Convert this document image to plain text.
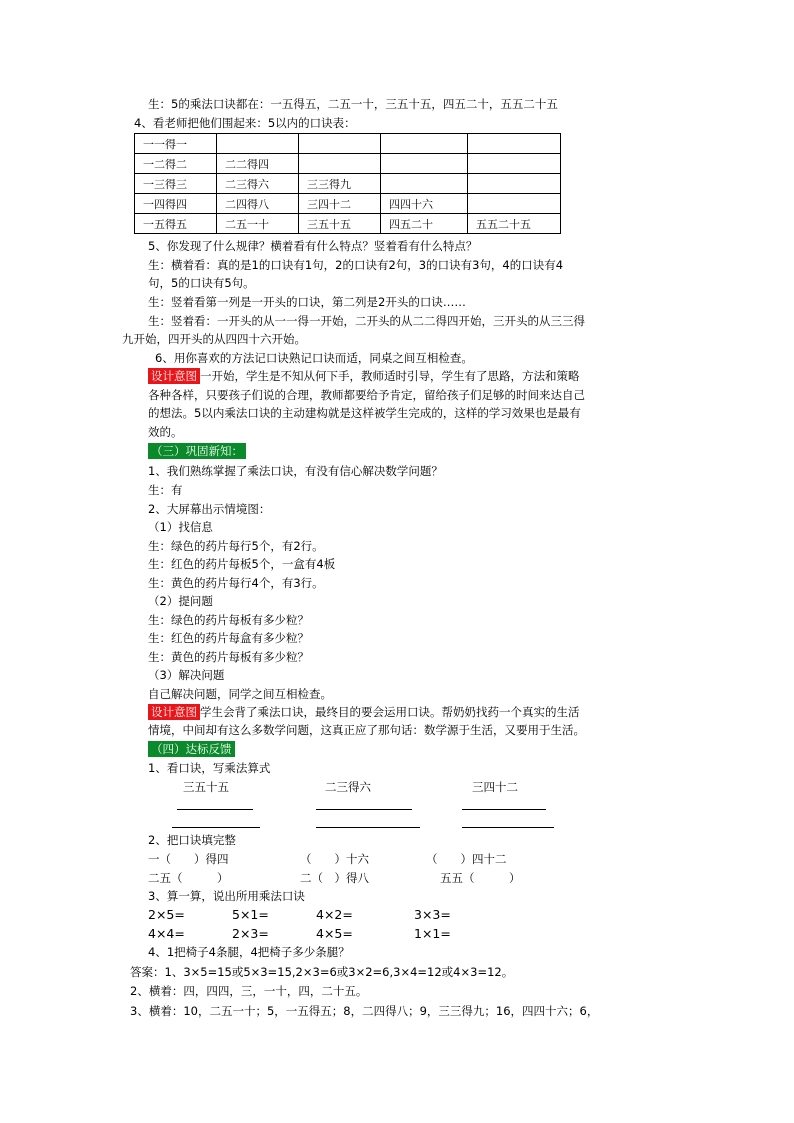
生：5的乘法口诀都在：一五得五，二五一十，三五十五，四五二十，五五二十五
4、看老师把他们围起来：5以内的口诀表：
一一得一				
一二得二	二二得四			
一三得三	二三得六	三三得九		
一四得四	二四得八	三四十二	四四十六	
一五得五	二五一十	三五十五	四五二十	五五二十五
5、你发现了什么规律？横着看有什么特点？竖着看有什么特点？
生：横着看：真的是1的口诀有1句，2的口诀有2句，3的口诀有3句，4的口诀有4
句，5的口诀有5句。
生：竖着看第一列是一开头的口诀，第二列是2开头的口诀……
生：竖着看：一开头的从一一得一开始，二开头的从二二得四开始，三开头的从三三得
九开始，四开头的从四四十六开始。
6、用你喜欢的方法记口诀熟记口诀而适，同桌之间互相检查。
设计意图 一开始，学生是不知从何下手，教师适时引导，学生有了思路，方法和策略
各种各样，只要孩子们说的合理，教师都要给予肯定，留给孩子们足够的时间来达自己
的想法。5以内乘法口诀的主动建构就是这样被学生完成的，这样的学习效果也是最有
效的。
（三）巩固新知：
1、我们熟练掌握了乘法口诀，有没有信心解决数学问题？
生：有
2、大屏幕出示情境图：
（1）找信息
生：绿色的药片每行5个，有2行。
生：红色的药片每板5个，一盒有4板
生：黄色的药片每行4个，有3行。
（2）提问题
生：绿色的药片每板有多少粒？
生：红色的药片每盒有多少粒？
生：黄色的药片每板有多少粒？
（3）解决问题
自己解决问题，同学之间互相检查。
设计意图 学生会背了乘法口诀，最终目的要会运用口诀。帮奶奶找药一个真实的生活
情境，中间却有这么多数学问题，这真正应了那句话：数学源于生活，又要用于生活。
（四）达标反馈
1、看口诀，写乘法算式
三五十五	二三得六	三四十二
2、把口诀填完整
一（　　）得四	（　　）十六	（　　）四十二
二五（　　　）	二（　）得八	五五（　　　）
3、算一算，说出所用乘法口诀
2×5=	5×1=	4×2=	3×3=
4×4=	2×3=	4×5=	1×1=
4、1把椅子4条腿，4把椅子多少条腿？
答案：1、3×5=15或5×3=15,2×3=6或3×2=6,3×4=12或4×3=12。
2、横着：四，四四，三，一十，四，二十五。
3、横着：10，二五一十；5，一五得五；8，二四得八；9，三三得九；16，四四十六；6，
